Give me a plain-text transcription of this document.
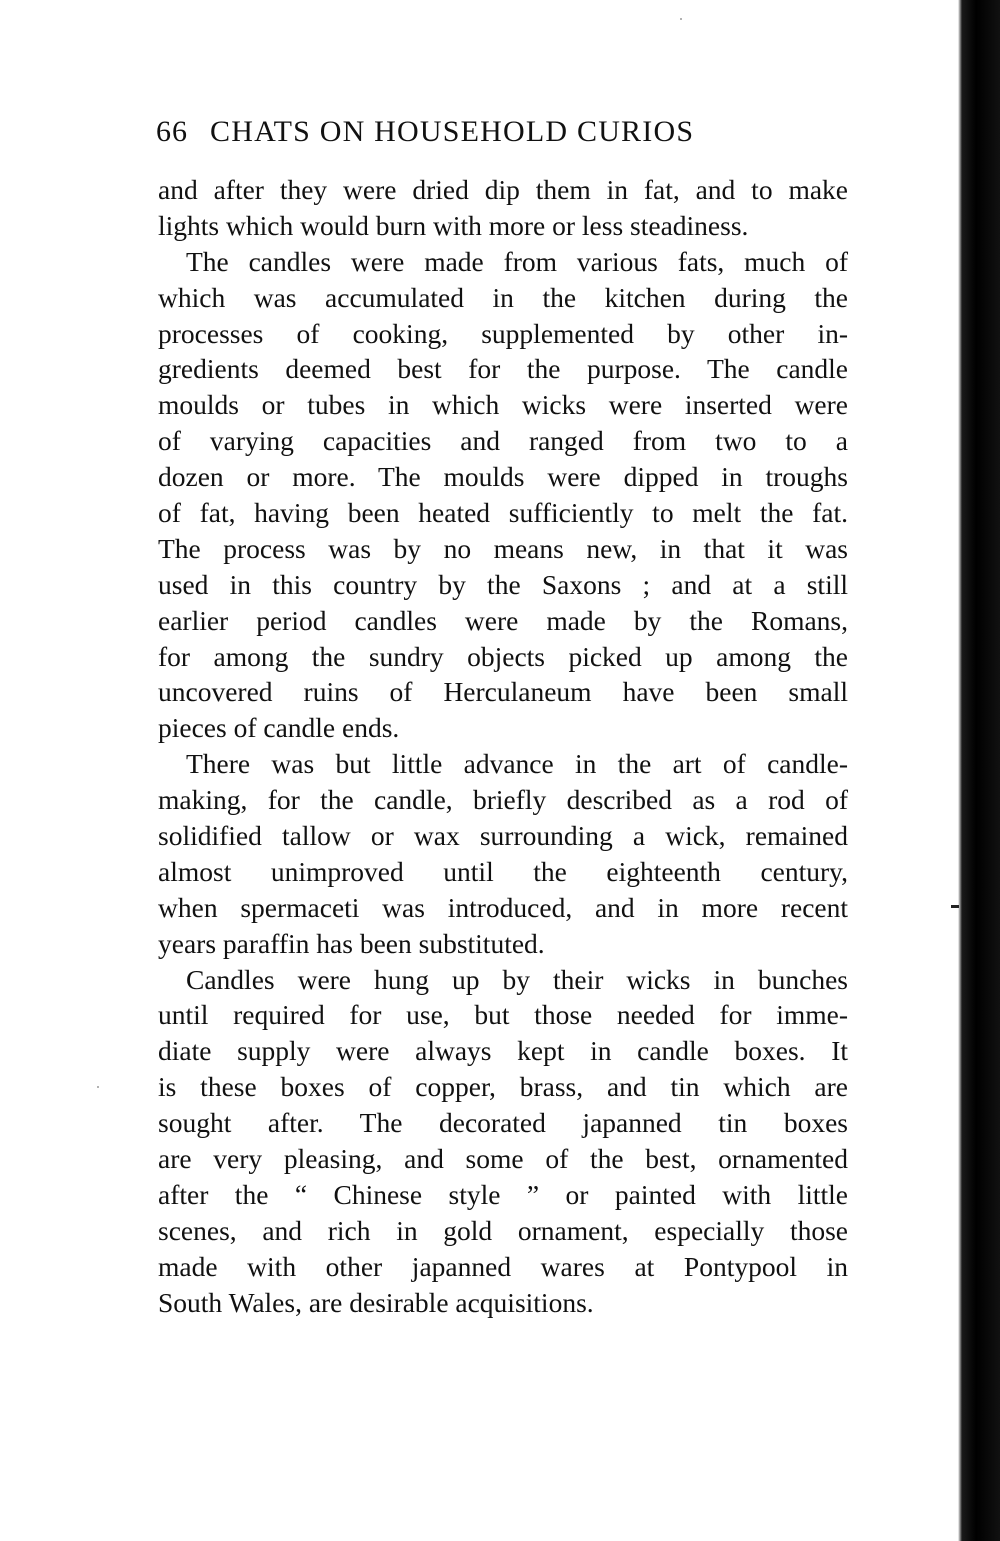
66 CHATS ON HOUSEHOLD CURIOS
and after they were dried dip them in fat, and to make
lights which would burn with more or less steadiness.
The candles were made from various fats, much of
which was accumulated in the kitchen during the
processes of cooking, supplemented by other in-
gredients deemed best for the purpose. The candle
moulds or tubes in which wicks were inserted were
of varying capacities and ranged from two to a
dozen or more. The moulds were dipped in troughs
of fat, having been heated sufficiently to melt the fat.
The process was by no means new, in that it was
used in this country by the Saxons ; and at a still
earlier period candles were made by the Romans,
for among the sundry objects picked up among the
uncovered ruins of Herculaneum have been small
pieces of candle ends.
There was but little advance in the art of candle-
making, for the candle, briefly described as a rod of
solidified tallow or wax surrounding a wick, remained
almost unimproved until the eighteenth century,
when spermaceti was introduced, and in more recent
years paraffin has been substituted.
Candles were hung up by their wicks in bunches
until required for use, but those needed for imme-
diate supply were always kept in candle boxes. It
is these boxes of copper, brass, and tin which are
sought after. The decorated japanned tin boxes
are very pleasing, and some of the best, ornamented
after the “ Chinese style ” or painted with little
scenes, and rich in gold ornament, especially those
made with other japanned wares at Pontypool in
South Wales, are desirable acquisitions.
